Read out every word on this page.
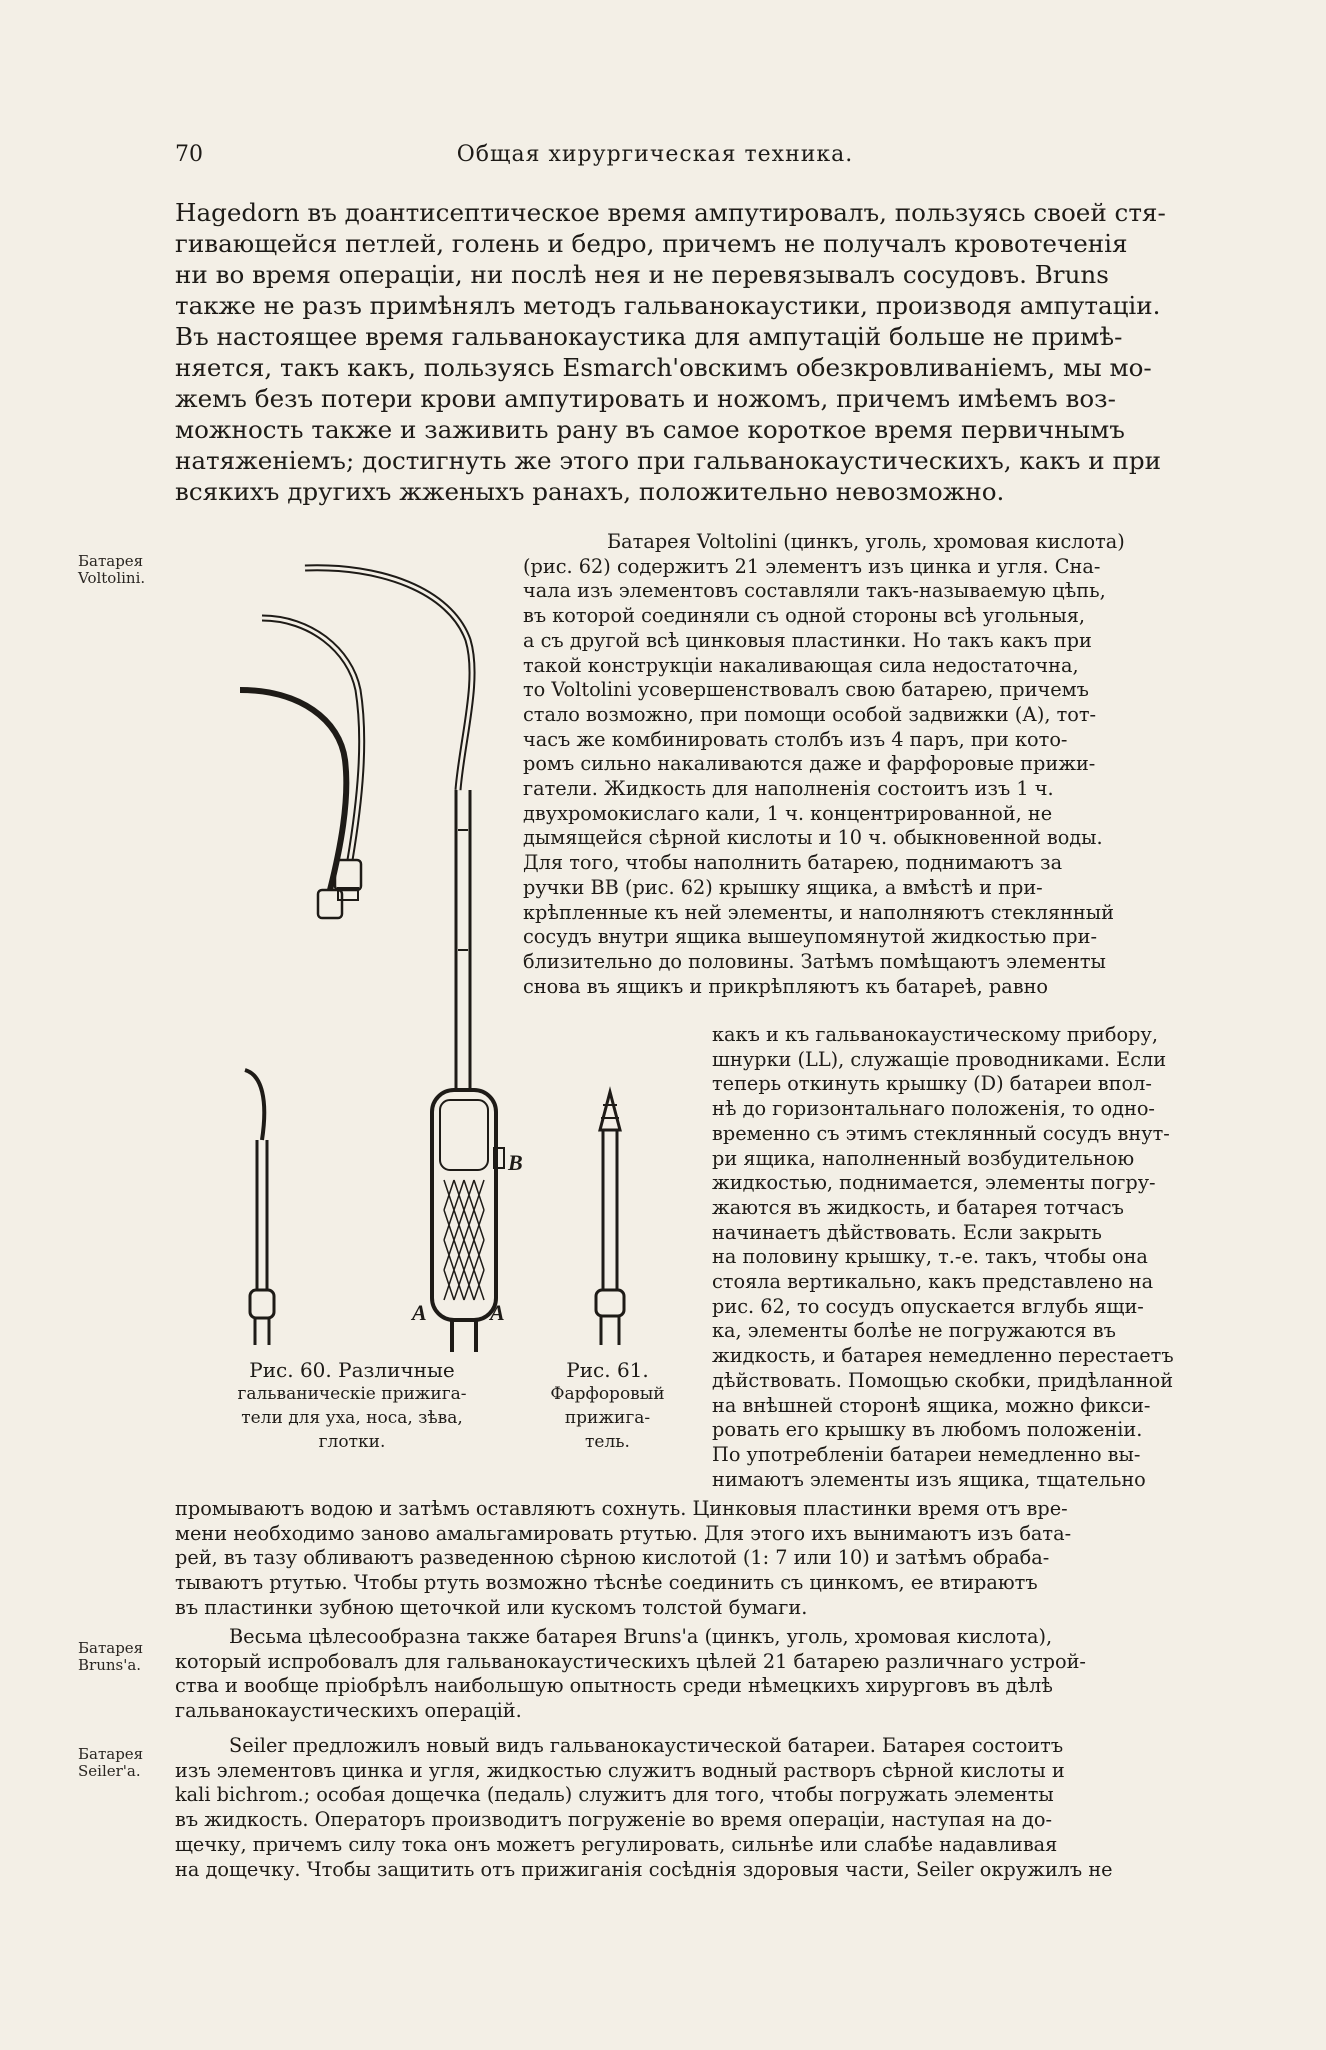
70	Общая хирургическая техника.
Hagedorn въ доантисептическое время ампутировалъ, пользуясь своей стя-
гивающейся петлей, голень и бедро, причемъ не получалъ кровотеченія
ни во время операціи, ни послѣ нея и не перевязывалъ сосудовъ. Bruns
также не разъ примѣнялъ методъ гальванокаустики, производя ампутаціи.
Въ настоящее время гальванокаустика для ампутацій больше не примѣ-
няется, такъ какъ, пользуясь Esmarch'овскимъ обезкровливаніемъ, мы мо-
жемъ безъ потери крови ампутировать и ножомъ, причемъ имѣемъ воз-
можность также и заживить рану въ самое короткое время первичнымъ
натяженіемъ; достигнуть же этого при гальванокаустическихъ, какъ и при
всякихъ другихъ жженыхъ ранахъ, положительно невозможно.
Батарея Voltolini.
Батарея Bruns'а.
Батарея Seiler'а.
Батарея Voltolini (цинкъ, уголь, хромовая кислота)
(рис. 62) содержитъ 21 элементъ изъ цинка и угля. Сна-
чала изъ элементовъ составляли такъ-называемую цѣпь,
въ которой соединяли съ одной стороны всѣ угольныя,
а съ другой всѣ цинковыя пластинки. Но такъ какъ при
такой конструкціи накаливающая сила недостаточна,
то Voltolini усовершенствовалъ свою батарею, причемъ
стало возможно, при помощи особой задвижки (А), тот-
часъ же комбинировать столбъ изъ 4 паръ, при кото-
ромъ сильно накаливаются даже и фарфоровые прижи-
гатели. Жидкость для наполненія состоитъ изъ 1 ч.
двухромокислаго кали, 1 ч. концентрированной, не
дымящейся сѣрной кислоты и 10 ч. обыкновенной воды.
Для того, чтобы наполнить батарею, поднимаютъ за
ручки ВВ (рис. 62) крышку ящика, а вмѣстѣ и при-
крѣпленные къ ней элементы, и наполняютъ стеклянный
сосудъ внутри ящика вышеупомянутой жидкостью при-
близительно до половины. Затѣмъ помѣщаютъ элементы
снова въ ящикъ и прикрѣпляютъ къ батареѣ, равно
какъ и къ гальванокаустическому прибору,
шнурки (LL), служащіе проводниками. Если
теперь откинуть крышку (D) батареи впол-
нѣ до горизонтальнаго положенія, то одно-
временно съ этимъ стеклянный сосудъ внут-
ри ящика, наполненный возбудительною
жидкостью, поднимается, элементы погру-
жаются въ жидкость, и батарея тотчасъ
начинаетъ дѣйствовать. Если закрыть
на половину крышку, т.-е. такъ, чтобы она
стояла вертикально, какъ представлено на
рис. 62, то сосудъ опускается вглубь ящи-
ка, элементы болѣе не погружаются въ
жидкость, и батарея немедленно перестаетъ
дѣйствовать. Помощью скобки, придѣланной
на внѣшней сторонѣ ящика, можно фикси-
ровать его крышку въ любомъ положеніи.
По употребленіи батареи немедленно вы-
нимаютъ элементы изъ ящика, тщательно
промываютъ водою и затѣмъ оставляютъ сохнуть. Цинковыя пластинки время отъ вре-
мени необходимо заново амальгамировать ртутью. Для этого ихъ вынимаютъ изъ бата-
рей, въ тазу обливаютъ разведенною сѣрною кислотой (1: 7 или 10) и затѣмъ обраба-
тываютъ ртутью. Чтобы ртуть возможно тѣснѣе соединить съ цинкомъ, ее втираютъ
въ пластинки зубною щеточкой или кускомъ толстой бумаги.
Весьма цѣлесообразна также батарея Bruns'а (цинкъ, уголь, хромовая кислота),
который испробовалъ для гальванокаустическихъ цѣлей 21 батарею различнаго устрой-
ства и вообще пріобрѣлъ наибольшую опытность среди нѣмецкихъ хирурговъ въ дѣлѣ
гальванокаустическихъ операцій.
Seiler предложилъ новый видъ гальванокаустической батареи. Батарея состоитъ
изъ элементовъ цинка и угля, жидкостью служитъ водный растворъ сѣрной кислоты и
kali bichrom.; особая дощечка (педаль) служитъ для того, чтобы погружать элементы
въ жидкость. Операторъ производитъ погруженіе во время операціи, наступая на до-
щечку, причемъ силу тока онъ можетъ регулировать, сильнѣе или слабѣе надавливая
на дощечку. Чтобы защитить отъ прижиганія сосѣднія здоровыя части, Seiler окружилъ не
B
A	A
Рис. 60. Различные
гальваническіе прижига-
тели для уха, носа, зѣва,
глотки.
Рис. 61.
Фарфоровый
прижига-
тель.
